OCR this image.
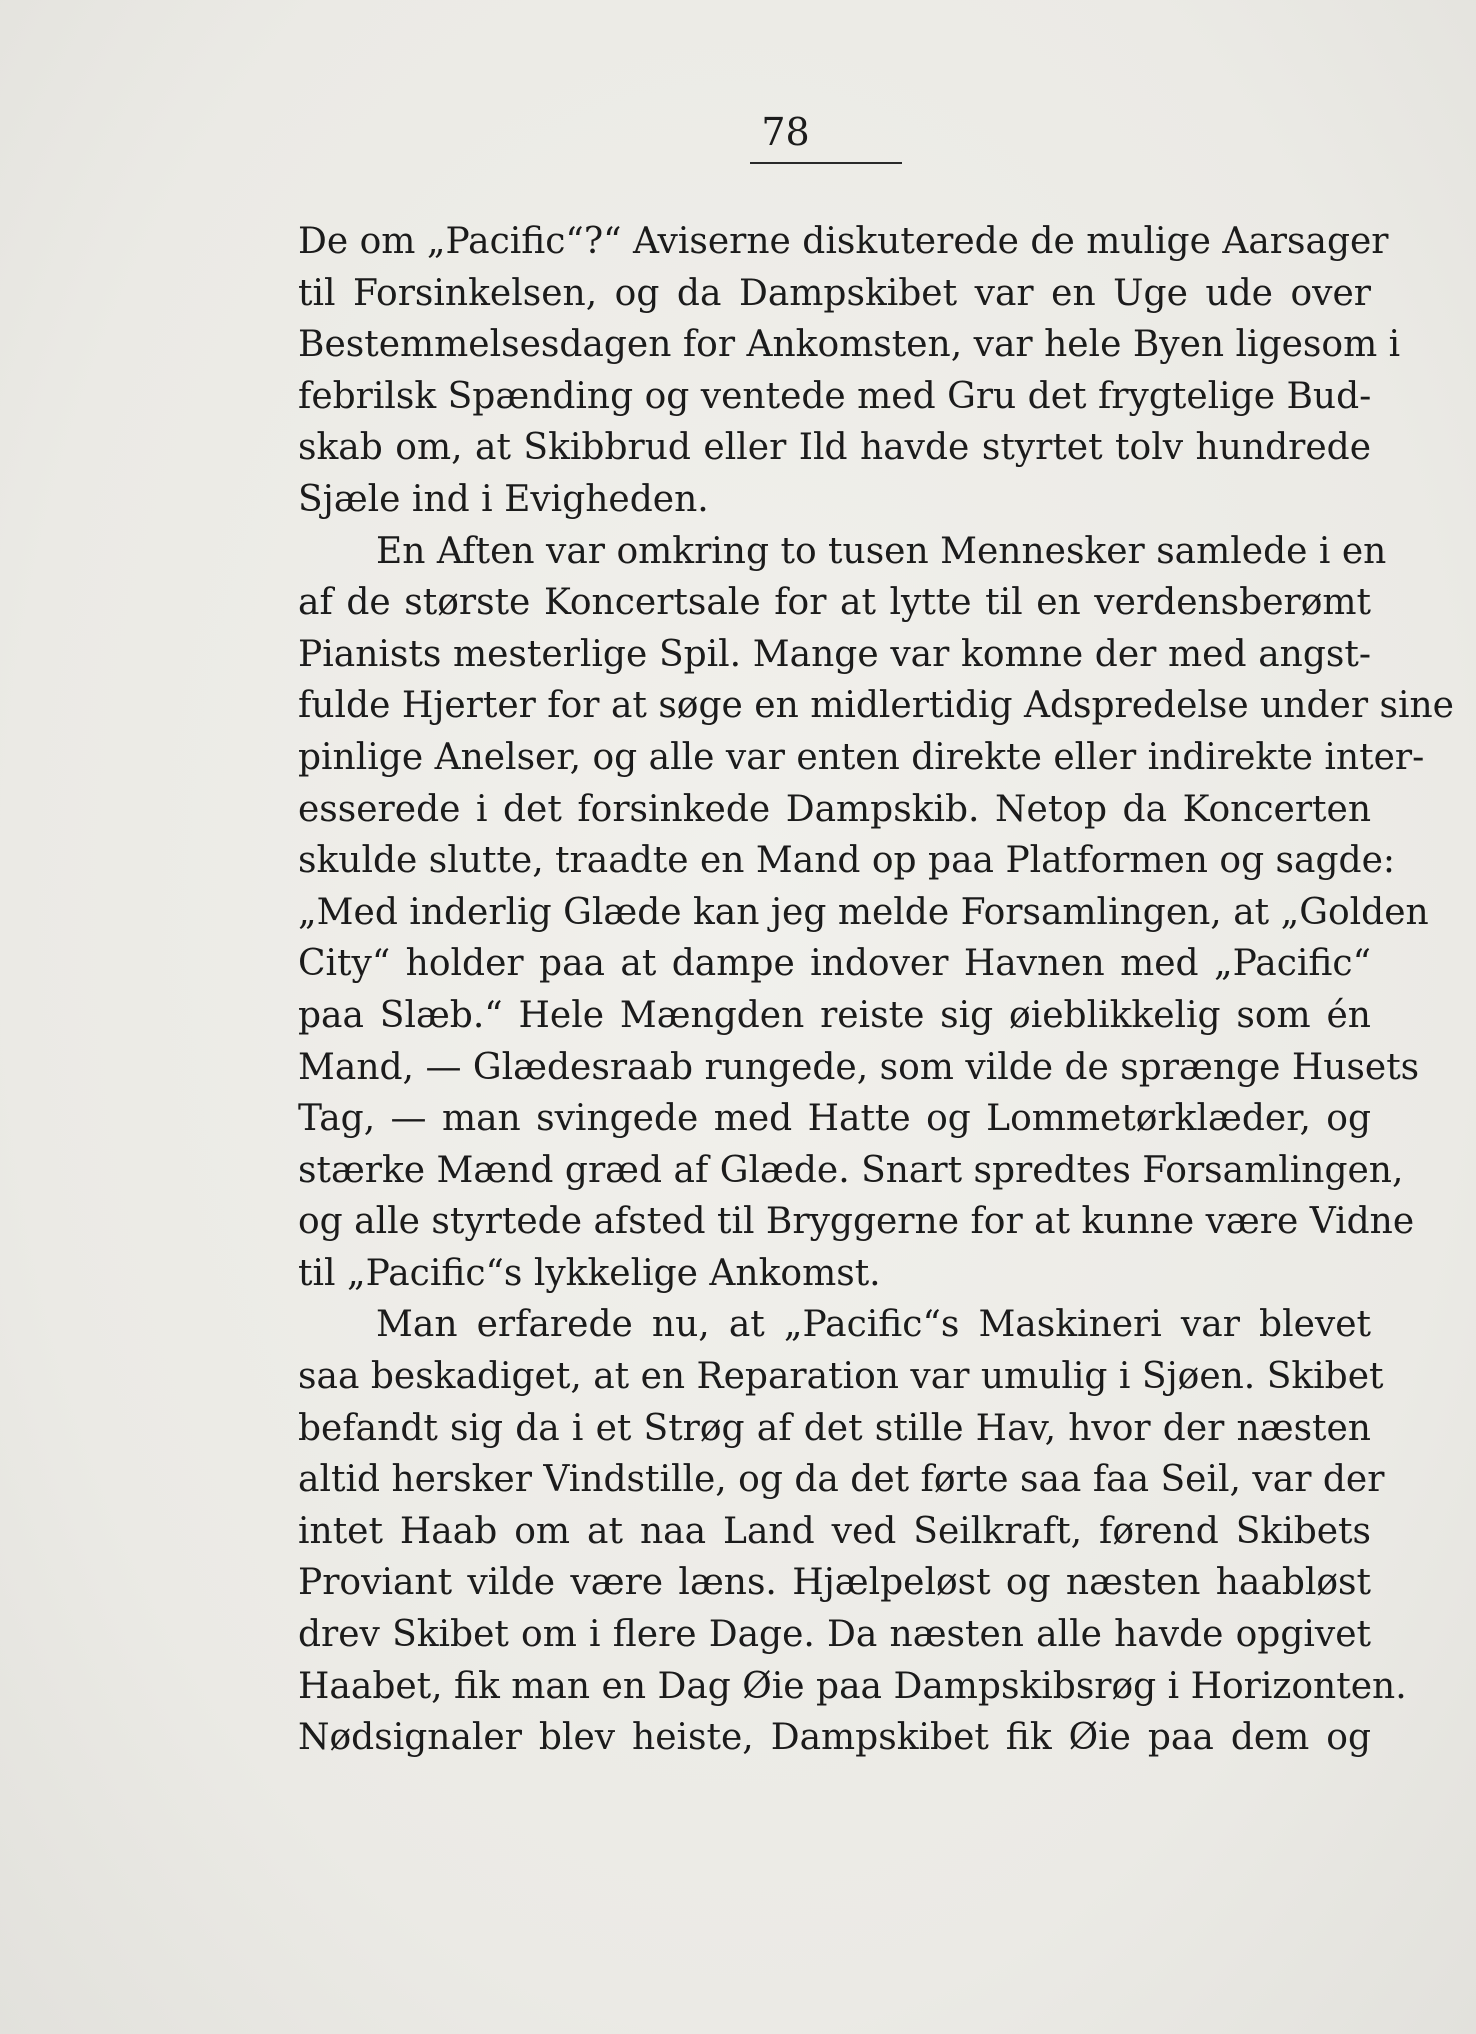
78
De om „Pacific“?“ Aviserne diskuterede de mulige Aarsager
til Forsinkelsen, og da Dampskibet var en Uge ude over
Bestemmelsesdagen for Ankomsten, var hele Byen ligesom i
febrilsk Spænding og ventede med Gru det frygtelige Bud-
skab om, at Skibbrud eller Ild havde styrtet tolv hundrede
Sjæle ind i Evigheden.
En Aften var omkring to tusen Mennesker samlede i en
af de største Koncertsale for at lytte til en verdensberømt
Pianists mesterlige Spil. Mange var komne der med angst-
fulde Hjerter for at søge en midlertidig Adspredelse under sine
pinlige Anelser, og alle var enten direkte eller indirekte inter-
esserede i det forsinkede Dampskib. Netop da Koncerten
skulde slutte, traadte en Mand op paa Platformen og sagde:
„Med inderlig Glæde kan jeg melde Forsamlingen, at „Golden
City“ holder paa at dampe indover Havnen med „Pacific“
paa Slæb.“ Hele Mængden reiste sig øieblikkelig som én
Mand, — Glædesraab rungede, som vilde de sprænge Husets
Tag, — man svingede med Hatte og Lommetørklæder, og
stærke Mænd græd af Glæde. Snart spredtes Forsamlingen,
og alle styrtede afsted til Bryggerne for at kunne være Vidne
til „Pacific“s lykkelige Ankomst.
Man erfarede nu, at „Pacific“s Maskineri var blevet
saa beskadiget, at en Reparation var umulig i Sjøen. Skibet
befandt sig da i et Strøg af det stille Hav, hvor der næsten
altid hersker Vindstille, og da det førte saa faa Seil, var der
intet Haab om at naa Land ved Seilkraft, førend Skibets
Proviant vilde være læns. Hjælpeløst og næsten haabløst
drev Skibet om i flere Dage. Da næsten alle havde opgivet
Haabet, fik man en Dag Øie paa Dampskibsrøg i Horizonten.
Nødsignaler blev heiste, Dampskibet fik Øie paa dem og
